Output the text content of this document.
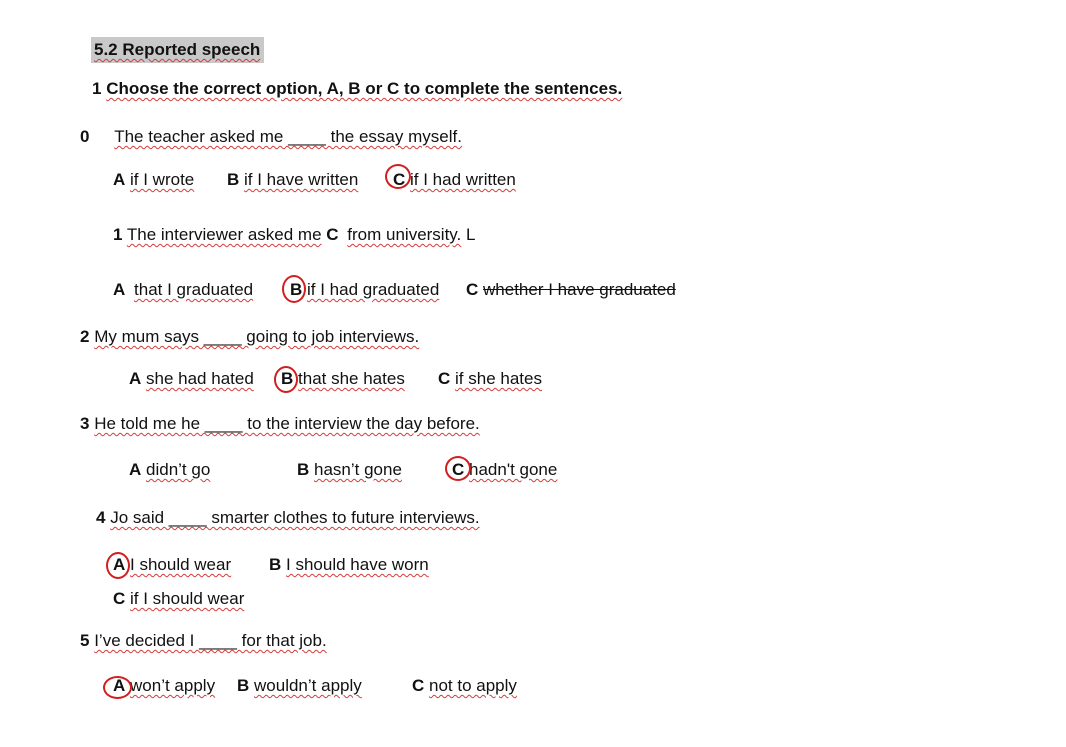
5.2 Reported speech
1 Choose the correct option, A, B or C to complete the sentences.
0 The teacher asked me ____ the essay myself.
A if I wrote B if I have written C if I had written
1 The interviewer asked me C from university. L
A that I graduated B if I had graduated C whether I have graduated
2 My mum says ____ going to job interviews.
A she had hated B that she hates C if she hates
3 He told me he ____ to the interview the day before.
A didn’t go	B hasn’t gone	C hadn't gone
4 Jo said ____ smarter clothes to future interviews.
A I should wear B I should have worn
C if I should wear
5 I’ve decided I ____ for that job.
A won’t apply B wouldn’t apply	C not to apply
